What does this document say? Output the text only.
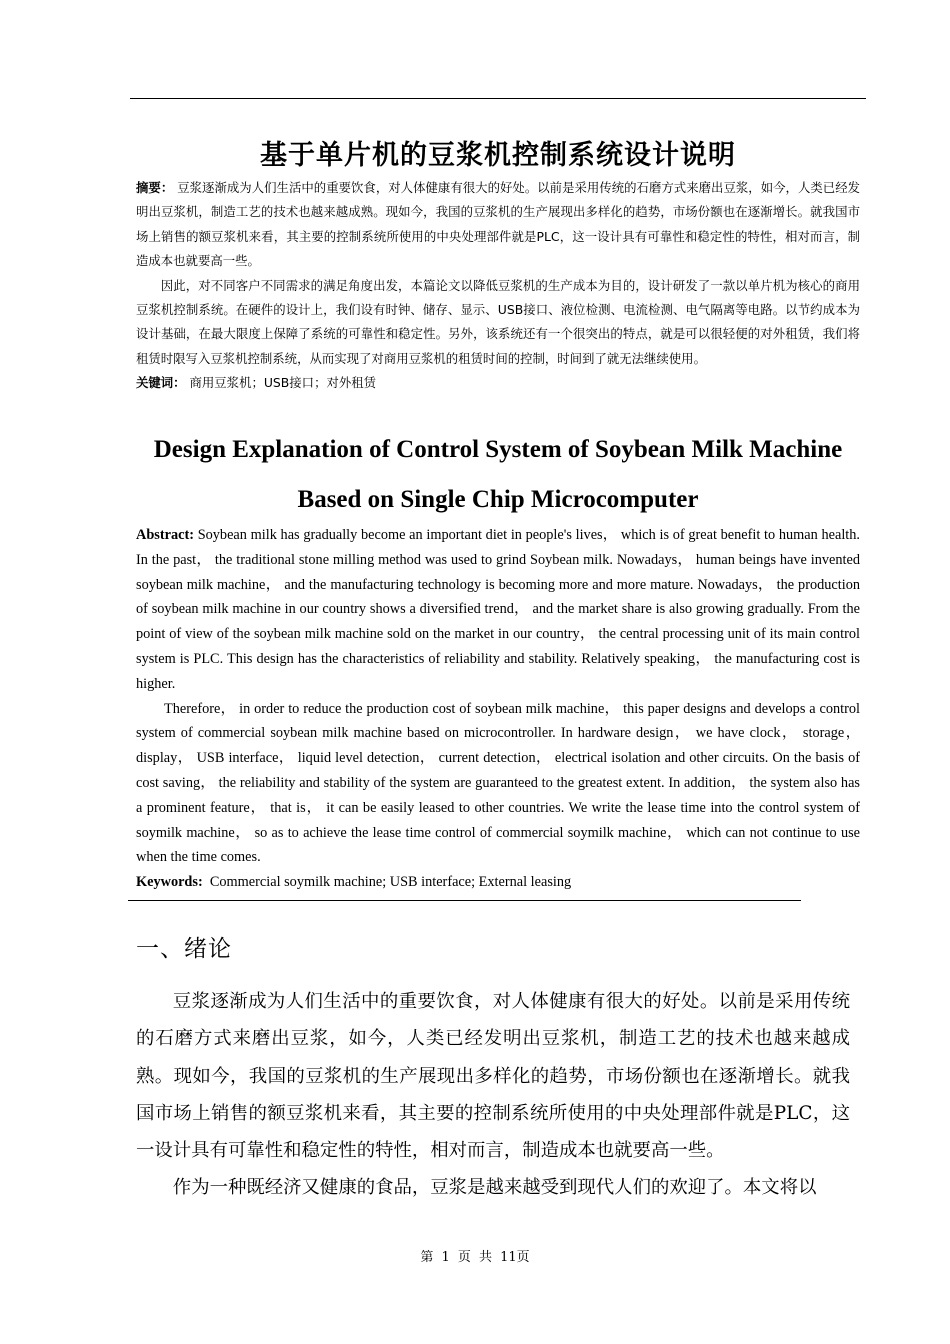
基于单片机的豆浆机控制系统设计说明

摘要： 豆浆逐渐成为人们生活中的重要饮食，对人体健康有很大的好处。以前是采用传统的石磨方式来磨出豆浆，如今，人类已经发明出豆浆机，制造工艺的技术也越来越成熟。现如今，我国的豆浆机的生产展现出多样化的趋势，市场份额也在逐渐增长。就我国市场上销售的额豆浆机来看，其主要的控制系统所使用的中央处理部件就是PLC，这一设计具有可靠性和稳定性的特性，相对而言，制造成本也就要高一些。

因此，对不同客户不同需求的满足角度出发，本篇论文以降低豆浆机的生产成本为目的，设计研发了一款以单片机为核心的商用豆浆机控制系统。在硬件的设计上，我们设有时钟、储存、显示、USB接口、液位检测、电流检测、电气隔离等电路。以节约成本为设计基础，在最大限度上保障了系统的可靠性和稳定性。另外，该系统还有一个很突出的特点，就是可以很轻便的对外租赁，我们将租赁时限写入豆浆机控制系统，从而实现了对商用豆浆机的租赁时间的控制，时间到了就无法继续使用。

关键词： 商用豆浆机；USB接口；对外租赁

Design Explanation of Control System of Soybean Milk Machine
Based on Single Chip Microcomputer

Abstract: Soybean milk has gradually become an important diet in people's lives， which is of great benefit to human health. In the past， the traditional stone milling method was used to grind Soybean milk. Nowadays， human beings have invented soybean milk machine， and the manufacturing technology is becoming more and more mature. Nowadays， the production of soybean milk machine in our country shows a diversified trend， and the market share is also growing gradually. From the point of view of the soybean milk machine sold on the market in our country， the central processing unit of its main control system is PLC. This design has the characteristics of reliability and stability. Relatively speaking， the manufacturing cost is higher.

Therefore， in order to reduce the production cost of soybean milk machine， this paper designs and develops a control system of commercial soybean milk machine based on microcontroller. In hardware design， we have clock， storage， display， USB interface， liquid level detection， current detection， electrical isolation and other circuits. On the basis of cost saving， the reliability and stability of the system are guaranteed to the greatest extent. In addition， the system also has a prominent feature， that is， it can be easily leased to other countries. We write the lease time into the control system of soymilk machine， so as to achieve the lease time control of commercial soymilk machine， which can not continue to use when the time comes.

Keywords: Commercial soymilk machine; USB interface; External leasing

一、绪论

豆浆逐渐成为人们生活中的重要饮食，对人体健康有很大的好处。以前是采用传统的石磨方式来磨出豆浆，如今，人类已经发明出豆浆机，制造工艺的技术也越来越成熟。现如今，我国的豆浆机的生产展现出多样化的趋势，市场份额也在逐渐增长。就我国市场上销售的额豆浆机来看，其主要的控制系统所使用的中央处理部件就是PLC，这一设计具有可靠性和稳定性的特性，相对而言，制造成本也就要高一些。

作为一种既经济又健康的食品，豆浆是越来越受到现代人们的欢迎了。本文将以

第 1 页 共 11页
